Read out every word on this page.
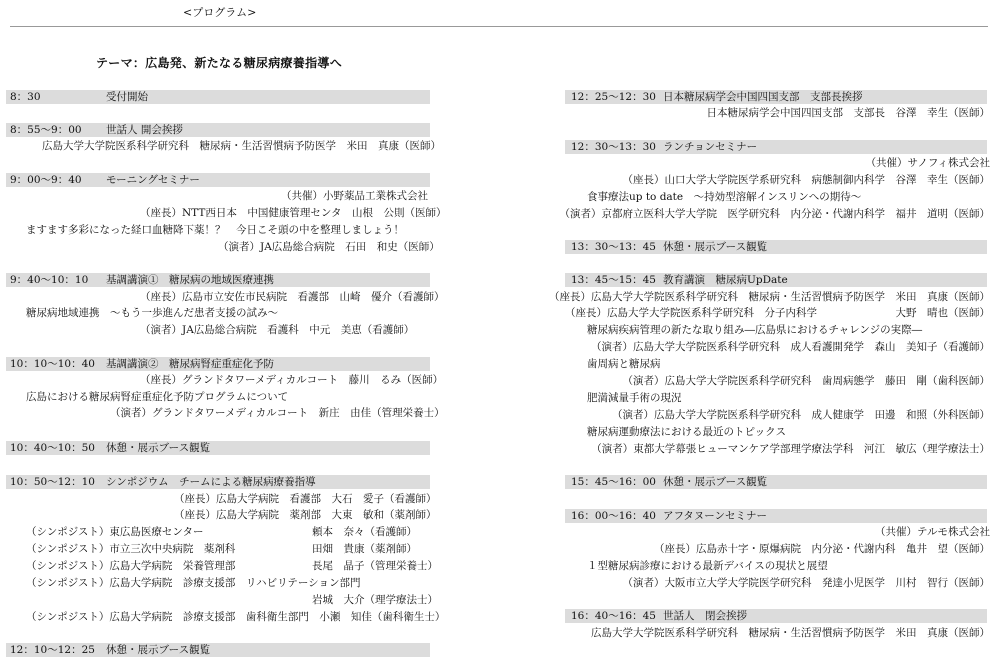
<プログラム>
テーマ：広島発、新たなる糖尿病療養指導へ
8：30	受付開始
8：55～9：00 世話人 開会挨拶
広島大学大学院医系科学研究科　糖尿病・生活習慣病予防医学　米田　真康（医師）
9：00～9：40 モーニングセミナー
（共催）小野薬品工業株式会社
（座長）NTT西日本　中国健康管理センタ　山根　公則（医師）
ますます多彩になった経口血糖降下薬！？　今日こそ頭の中を整理しましょう！
（演者）JA広島総合病院　石田　和史（医師）
9：40～10：10 基調講演①　糖尿病の地域医療連携
（座長）広島市立安佐市民病院　看護部　山崎　優介（看護師）
糖尿病地域連携　～もう一歩進んだ患者支援の試み～
（演者）JA広島総合病院　看護科　中元　美恵（看護師）
10：10～10：40 基調講演②　糖尿病腎症重症化予防
（座長）グランドタワーメディカルコート　藤川　るみ（医師）
広島における糖尿病腎症重症化予防プログラムについて
（演者）グランドタワーメディカルコート　新庄　由佳（管理栄養士）
10：40～10：50 休憩・展示ブース観覧
10：50～12：10 シンポジウム　チームによる糖尿病療養指導
（座長）広島大学病院　看護部　大石　愛子（看護師）
（座長）広島大学病院　薬剤部　大東　敏和（薬剤師）
（シンポジスト）東広島医療センター	頼本　奈々（看護師）
（シンポジスト）市立三次中央病院　薬剤科	田畑　貴康（薬剤師）
（シンポジスト）広島大学病院　栄養管理部	長尾　晶子（管理栄養士）
（シンポジスト）広島大学病院　診療支援部　リハビリテーション部門
岩城　大介（理学療法士）
（シンポジスト）広島大学病院　診療支援部　歯科衛生部門　小瀬　知佳（歯科衛生士）
12：10～12：25 休憩・展示ブース観覧
12：25～12：30 日本糖尿病学会中国四国支部　支部長挨拶
日本糖尿病学会中国四国支部　支部長　谷澤　幸生（医師）
12：30～13：30 ランチョンセミナー
（共催）サノフィ株式会社
（座長）山口大学大学院医学系研究科　病態制御内科学　谷澤　幸生（医師）
食事療法up to date　～持効型溶解インスリンへの期待～
（演者）京都府立医科大学大学院　医学研究科　内分泌・代謝内科学　福井　道明（医師）
13：30～13：45 休憩・展示ブース観覧
13：45～15：45 教育講演　糖尿病UpDate
（座長）広島大学大学院医系科学研究科　糖尿病・生活習慣病予防医学　米田　真康（医師）
（座長）広島大学大学院医系科学研究科　分子内科学	大野　晴也（医師）
糖尿病疾病管理の新たな取り組み―広島県におけるチャレンジの実際―
（演者）広島大学大学院医系科学研究科　成人看護開発学　森山　美知子（看護師）
歯周病と糖尿病
（演者）広島大学大学院医系科学研究科　歯周病態学　藤田　剛（歯科医師）
肥満減量手術の現況
（演者）広島大学大学院医系科学研究科　成人健康学　田邊　和照（外科医師）
糖尿病運動療法における最近のトピックス
（演者）東都大学幕張ヒューマンケア学部理学療法学科　河江　敏広（理学療法士）
15：45～16：00 休憩・展示ブース観覧
16：00～16：40 アフタヌーンセミナー
（共催）テルモ株式会社
（座長）広島赤十字・原爆病院　内分泌・代謝内科　亀井　望（医師）
１型糖尿病診療における最新デバイスの現状と展望
（演者）大阪市立大学大学院医学研究科　発達小児医学　川村　智行（医師）
16：40～16：45 世話人　閉会挨拶
広島大学大学院医系科学研究科　糖尿病・生活習慣病予防医学　米田　真康（医師）
